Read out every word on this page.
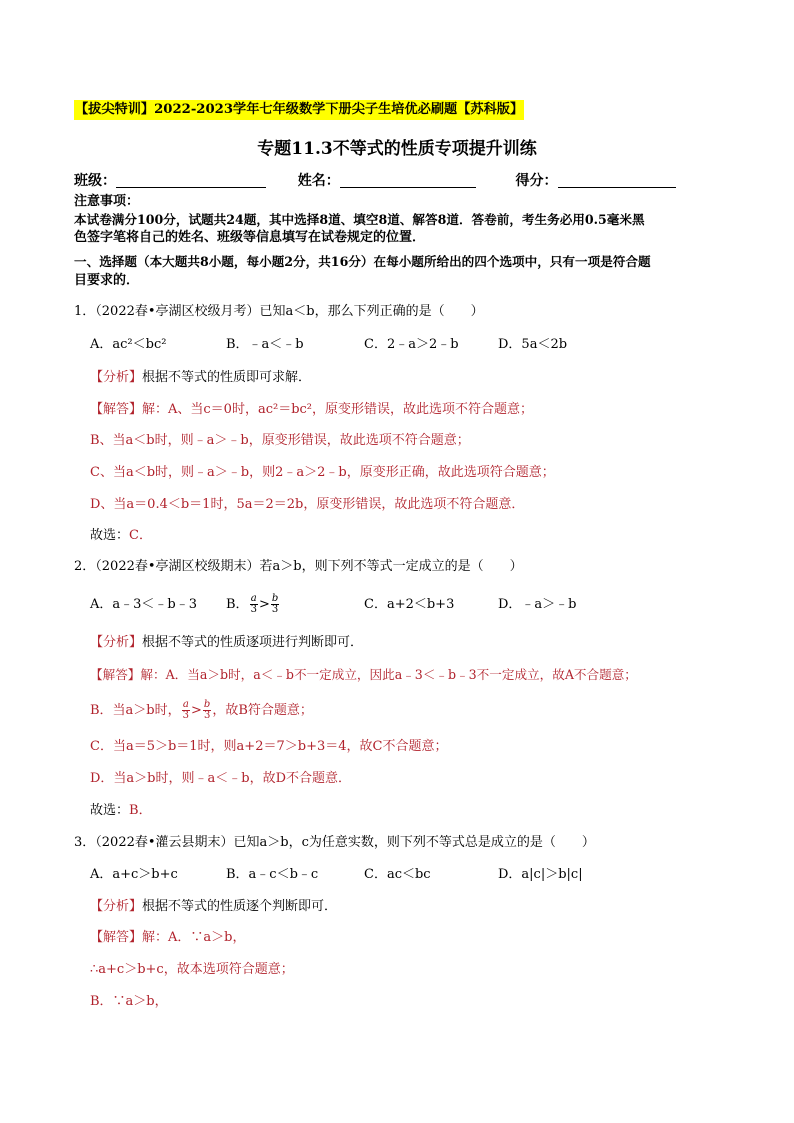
【拔尖特训】2022-2023学年七年级数学下册尖子生培优必刷题【苏科版】
专题11.3不等式的性质专项提升训练
班级：	姓名：	得分：
注意事项：
本试卷满分100分，试题共24题，其中选择8道、填空8道、解答8道．答卷前，考生务必用0.5毫米黑
色签字笔将自己的姓名、班级等信息填写在试卷规定的位置．
一、选择题（本大题共8小题，每小题2分，共16分）在每小题所给出的四个选项中，只有一项是符合题
目要求的．
1．（2022春•亭湖区校级月考）已知a＜b，那么下列正确的是（　　）
A．ac²＜bc²	B．﹣a＜﹣b	C．2﹣a＞2﹣b	D．5a＜2b
【分析】根据不等式的性质即可求解．
【解答】解：A、当c＝0时，ac²＝bc²，原变形错误，故此选项不符合题意；
B、当a＜b时，则﹣a＞﹣b，原变形错误，故此选项不符合题意；
C、当a＜b时，则﹣a＞﹣b，则2﹣a＞2﹣b，原变形正确，故此选项符合题意；
D、当a＝0.4＜b＝1时，5a＝2＝2b，原变形错误，故此选项不符合题意．
故选：C．
2．（2022春•亭湖区校级期末）若a＞b，则下列不等式一定成立的是（　　）
A．a﹣3＜﹣b﹣3 B． $\frac{a}{3} > \frac{b}{3}$	C．a+2＜b+3	D．﹣a＞﹣b
【分析】根据不等式的性质逐项进行判断即可．
【解答】解：A．当a＞b时，a＜﹣b不一定成立，因此a﹣3＜﹣b﹣3不一定成立，故A不合题意；
B．当a＞b时， $\frac{a}{3} > \frac{b}{3}$ ，故B符合题意；
C．当a＝5＞b＝1时，则a+2＝7＞b+3＝4，故C不合题意；
D．当a＞b时，则﹣a＜﹣b，故D不合题意．
故选：B．
3．（2022春•灌云县期末）已知a＞b，c为任意实数，则下列不等式总是成立的是（　　）
A．a+c＞b+c	B．a﹣c＜b﹣c	C．ac＜bc	D．a|c|＞b|c|
【分析】根据不等式的性质逐个判断即可．
【解答】解：A．∵a＞b，
∴a+c＞b+c，故本选项符合题意；
B．∵a＞b，
